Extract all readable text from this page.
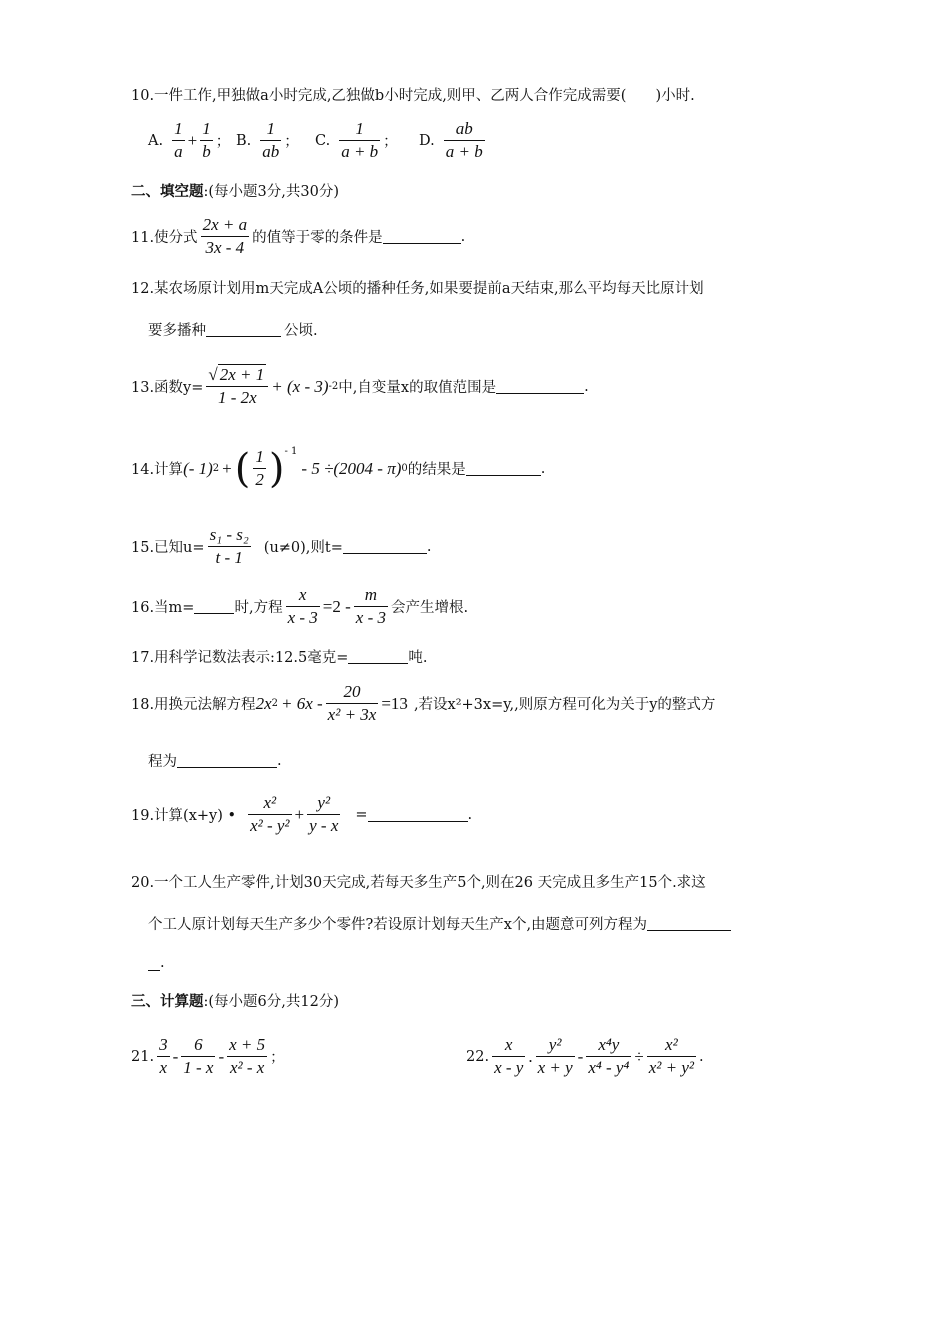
10.一件工作,甲独做a小时完成,乙独做b小时完成,则甲、乙两人合作完成需要(　　)小时.
A. $\frac{1}{a} + \frac{1}{b}$ ； B. $\frac{1}{ab}$ ； C. $\frac{1}{a + b}$ ； D. $\frac{ab}{a + b}$
二、填空题 :(每小题3分,共30分)
11.使分式 $\frac{2x + a}{3x - 4}$ 的值等于零的条件是	.
12.某农场原计划用m天完成A公顷的播种任务,如果要提前a天结束,那么平均每天比原计划
要多播种	公顷.
13.函数$y= \frac{√ 2x + 1}{1 - 2x} + (x - 3)$ -2 中,自变量x的取值范围是	.
14.计算 (- 1) 2 + ( $\frac{1}{2} )^{- 1}$
- 5 ÷(2004 - π) 0 的结果是	.
15.已知$u= \frac{\text{s₁ - s₂}}{t - 1} (u\ne 0)$,则t=	.
16.当m=	时,方程 $\frac{x}{x - 3} =2 - \frac{m}{x - 3}$ 会产生增根.
17.用科学记数法表示:12.5毫克=	吨.
18.用换元法解方程 2x $2 + 6x - \frac{20}{\text{x² + 3x}} =13$ ,若设x²+3x=y,,则原方程可化为关于y的整式方
程为	.
19.计算(x+y) • $\frac{\text{x²}}{\text{x² - y²}} + \frac{\text{y²}}{y - x}$ =	.
20.一个工人生产零件,计划30天完成,若每天多生产5个,则在26 天完成且多生产15个.求这
个工人原计划每天生产多少个零件?若设原计划每天生产x个,由题意可列方程为
.
三、计算题 :(每小题6分,共12分)
21. $\frac{3}{x} - \frac{6}{1 - x} - \frac{x + 5}{\text{x² - x}}$ ；	22. $\frac{x}{x - y}$ . $\frac{\text{y²}}{x + y} - \frac{\text{x⁴y}}{\text{x⁴ - y⁴}} \div \frac{\text{x²}}{\text{x² + y²}}$ .
